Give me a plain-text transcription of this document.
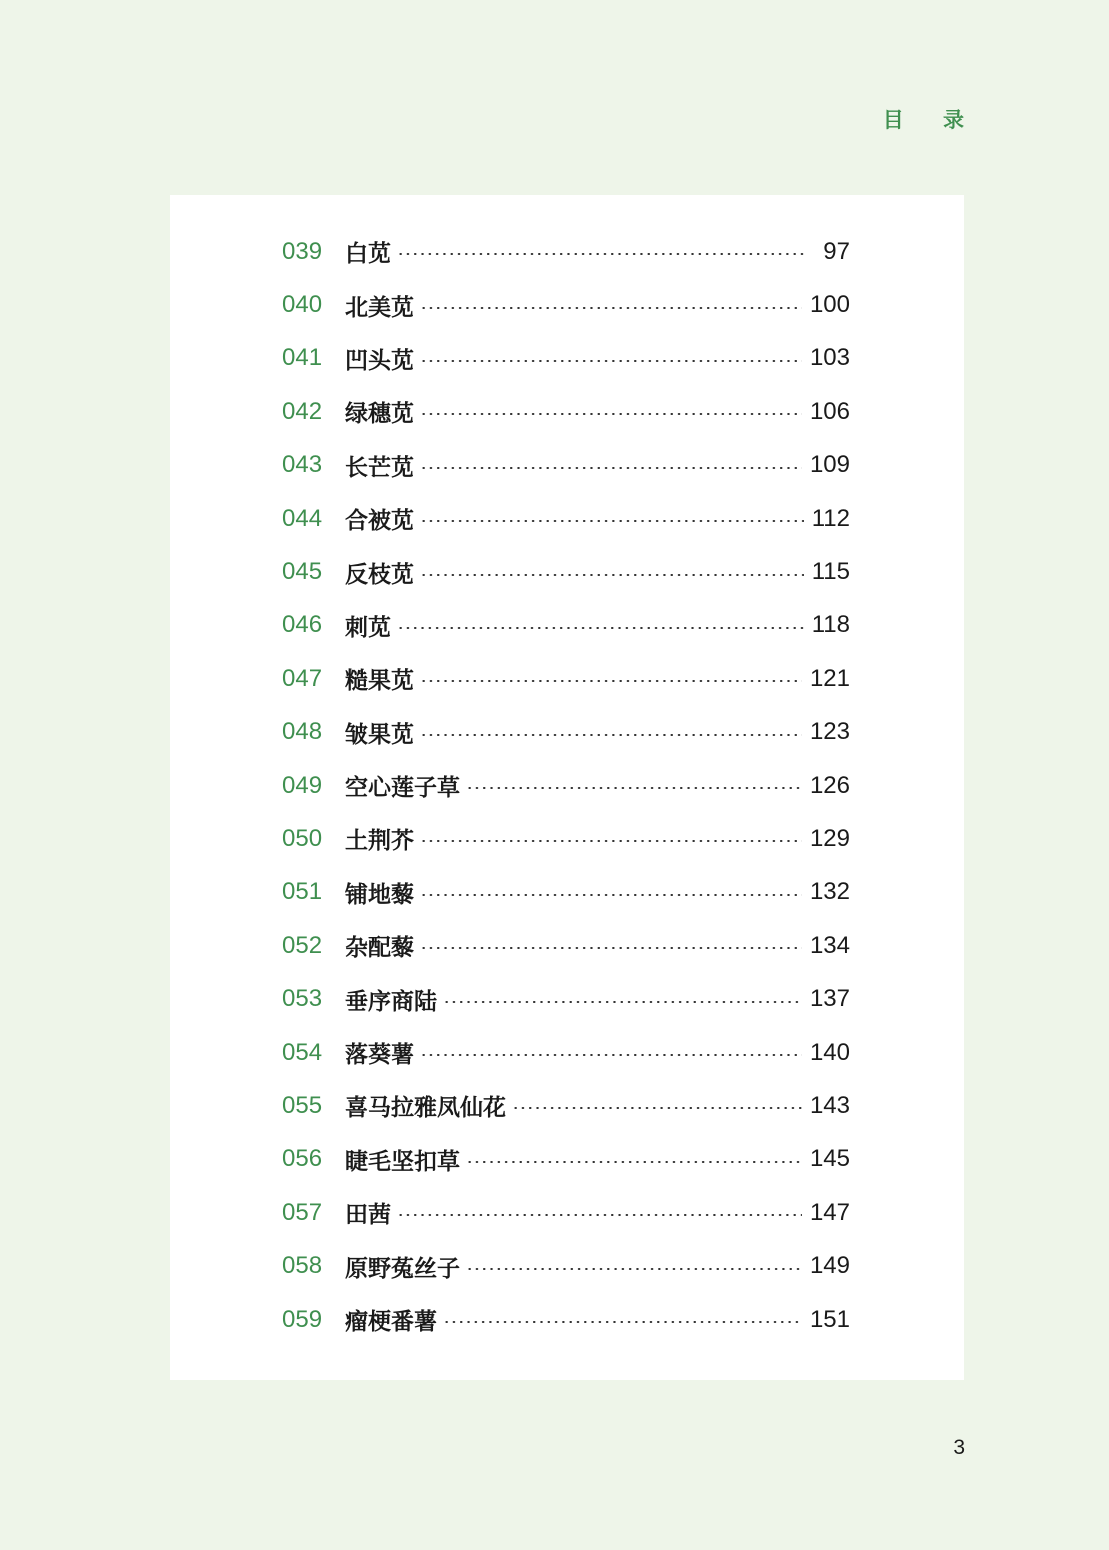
目 录
039 白苋	97
040 北美苋	100
041 凹头苋	103
042 绿穗苋	106
043 长芒苋	109
044 合被苋	112
045 反枝苋	115
046 刺苋	118
047 糙果苋	121
048 皱果苋	123
049 空心莲子草	126
050 土荆芥	129
051 铺地藜	132
052 杂配藜	134
053 垂序商陆	137
054 落葵薯	140
055 喜马拉雅凤仙花	143
056 睫毛坚扣草	145
057 田茜	147
058 原野菟丝子	149
059 瘤梗番薯	151
3
